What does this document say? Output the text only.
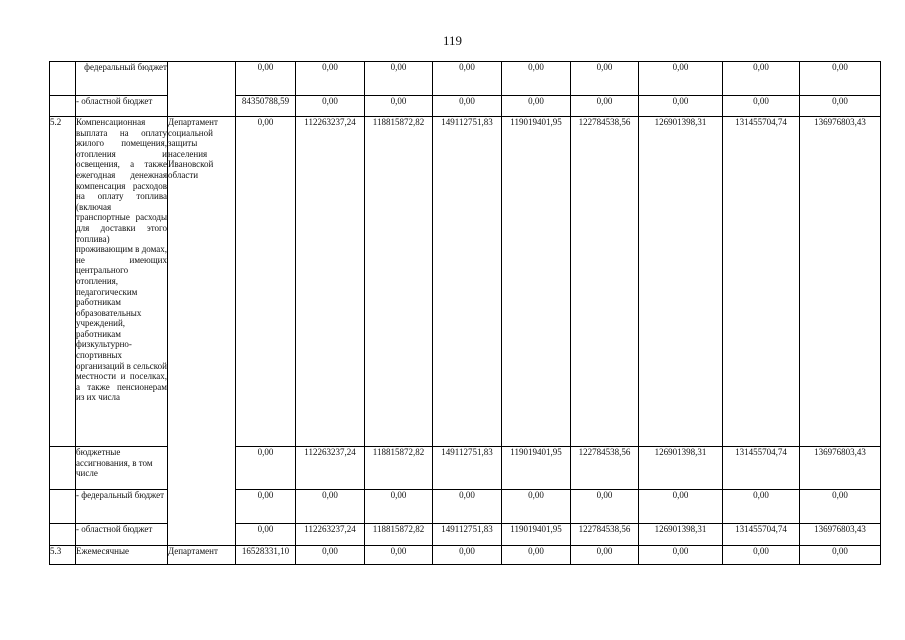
119
	федеральный бюджет		0,00	0,00	0,00	0,00	0,00	0,00	0,00	0,00	0,00
	- областной бюджет		84350788,59	0,00	0,00	0,00	0,00	0,00	0,00	0,00	0,00
5.2	Компенсационная выплата на оплату жилого помещения, отопления и освещения, а также ежегодная денежная компенсация расходов на оплату топлива (включая транспортные расходы для доставки этого топлива) проживающим в домах, не имеющих центрального отопления, педагогическим работникам образовательных учреждений, работникам физкультурно-спортивных организаций в сельской местности и поселках, а также пенсионерам из их числа	Департамент социальной защиты населения Ивановской области	0,00	112263237,24	118815872,82	149112751,83	119019401,95	122784538,56	126901398,31	131455704,74	136976803,43
	бюджетные ассигнования, в том числе		0,00	112263237,24	118815872,82	149112751,83	119019401,95	122784538,56	126901398,31	131455704,74	136976803,43
	- федеральный бюджет		0,00	0,00	0,00	0,00	0,00	0,00	0,00	0,00	0,00
	- областной бюджет		0,00	112263237,24	118815872,82	149112751,83	119019401,95	122784538,56	126901398,31	131455704,74	136976803,43
5.3	Ежемесячные	Департамент	16528331,10	0,00	0,00	0,00	0,00	0,00	0,00	0,00	0,00
